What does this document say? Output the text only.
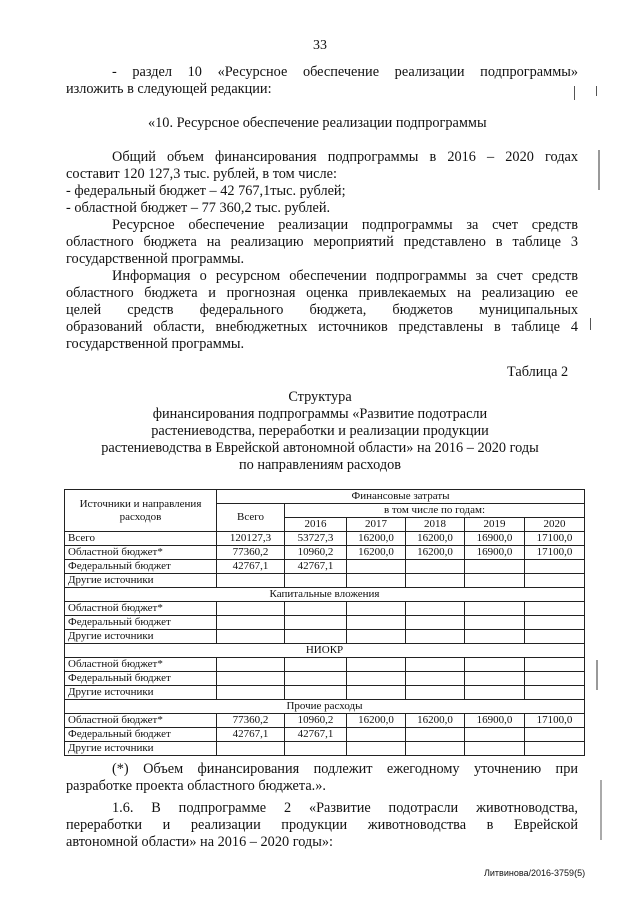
33
- раздел 10 «Ресурсное обеспечение реализации подпрограммы»
изложить в следующей редакции:
«10. Ресурсное обеспечение реализации подпрограммы
Общий объем финансирования подпрограммы в 2016 – 2020 годах
составит 120 127,3 тыс. рублей, в том числе:
- федеральный бюджет – 42 767,1тыс. рублей;
- областной бюджет – 77 360,2 тыс. рублей.
Ресурсное обеспечение реализации подпрограммы за счет средств
областного бюджета на реализацию мероприятий представлено в таблице 3
государственной программы.
Информация о ресурсном обеспечении подпрограммы за счет средств
областного бюджета и прогнозная оценка привлекаемых на реализацию ее
целей средств федерального бюджета, бюджетов муниципальных
образований области, внебюджетных источников представлены в таблице 4
государственной программы.
Таблица 2
Структура
финансирования подпрограммы «Развитие подотрасли
растениеводства, переработки и реализации продукции
растениеводства в Еврейской автономной области» на 2016 – 2020 годы
по направлениям расходов
Источники и направления расходов	Финансовые затраты					
	Всего	в том числе по годам:				
		2016	2017	2018	2019	2020
Всего	120127,3	53727,3	16200,0	16200,0	16900,0	17100,0
Областной бюджет*	77360,2	10960,2	16200,0	16200,0	16900,0	17100,0
Федеральный бюджет	42767,1	42767,1				
Другие источники						
Капитальные вложения						
Областной бюджет*						
Федеральный бюджет						
Другие источники						
НИОКР						
Областной бюджет*						
Федеральный бюджет						
Другие источники						
Прочие расходы						
Областной бюджет*	77360,2	10960,2	16200,0	16200,0	16900,0	17100,0
Федеральный бюджет	42767,1	42767,1				
Другие источники						
(*) Объем финансирования подлежит ежегодному уточнению при
разработке проекта областного бюджета.».
1.6. В подпрограмме 2 «Развитие подотрасли животноводства,
переработки и реализации продукции животноводства в Еврейской
автономной области» на 2016 – 2020 годы»:
Литвинова/2016-3759(5)
